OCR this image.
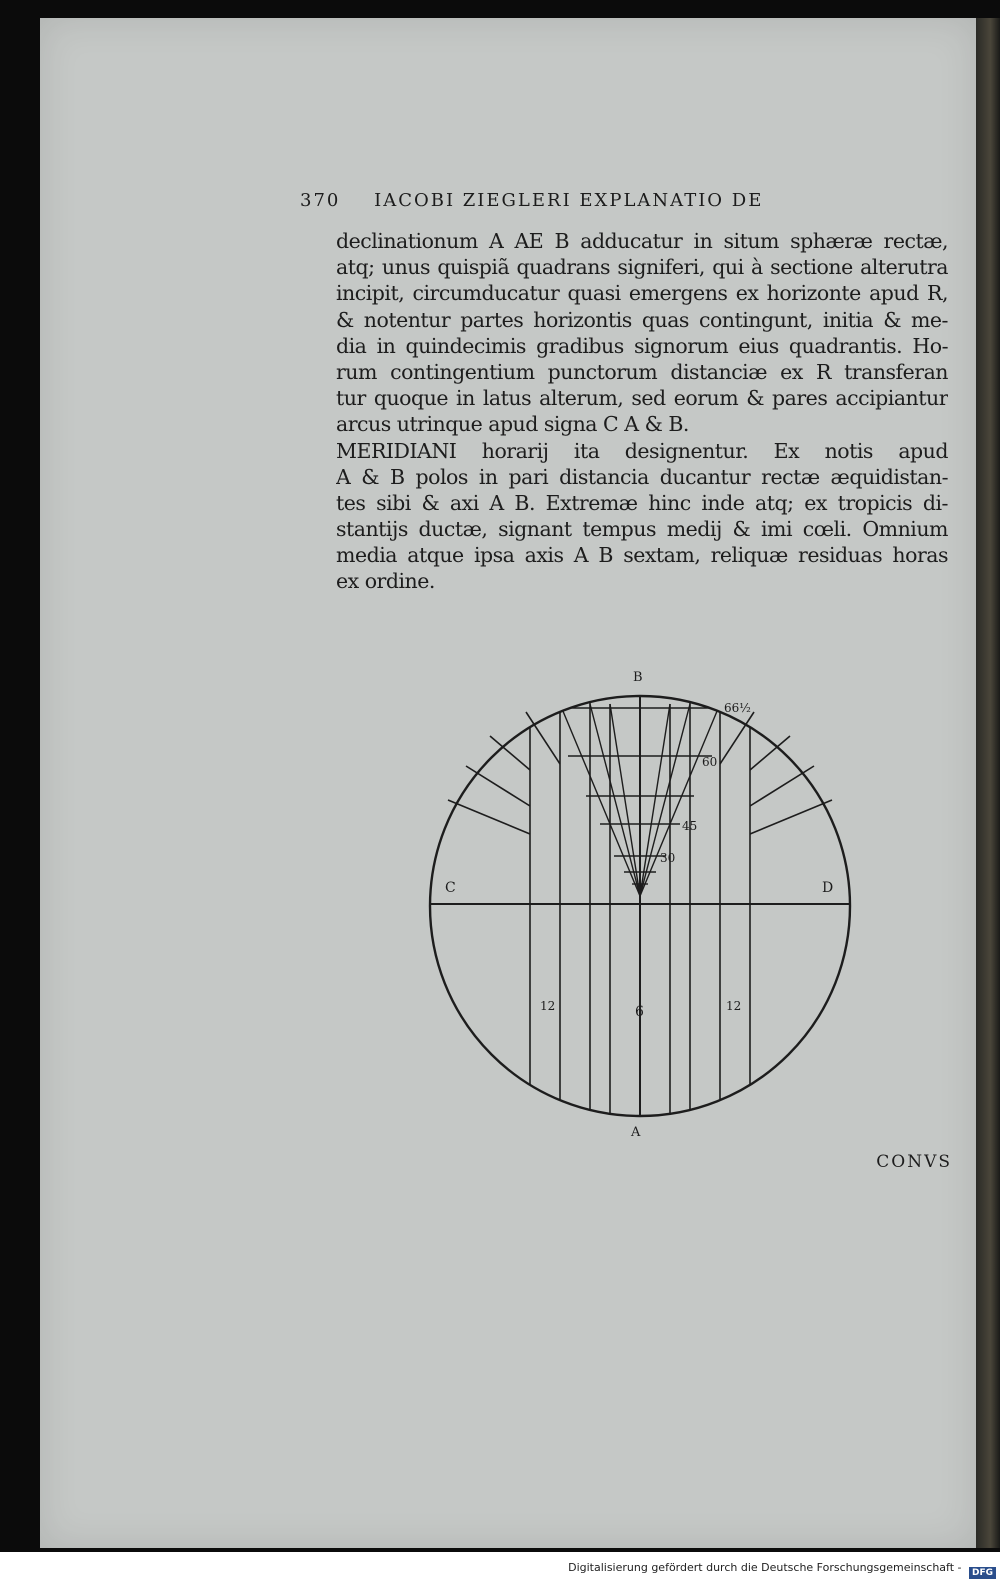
370 IACOBI ZIEGLERI EXPLANATIO DE
declinationum A AE B adducatur in situm sphæræ rectæ,
atq; unus quispiã quadrans signiferi, qui à sectione alterutra
incipit, circumducatur quasi emergens ex horizonte apud R,
& notentur partes horizontis quas contingunt, initia & me-
dia in quindecimis gradibus signorum eius quadrantis. Ho-
rum contingentium punctorum distanciæ ex R transferan
tur quoque in latus alterum, sed eorum & pares accipiantur
arcus utrinque apud signa C A & B.
MERIDIANI horarij ita designentur. Ex notis apud
A & B polos in pari distancia ducantur rectæ æquidistan-
tes sibi & axi A B. Extremæ hinc inde atq; ex tropicis di-
stantijs ductæ, signant tempus medij & imi cœli. Omnium
media atque ipsa axis A B sextam, reliquæ residuas horas
ex ordine.
B
A
C	D
66½
60
45
30
12	6	12
CONVS
Digitalisierung gefördert durch die Deutsche Forschungsgemeinschaft - DFG
